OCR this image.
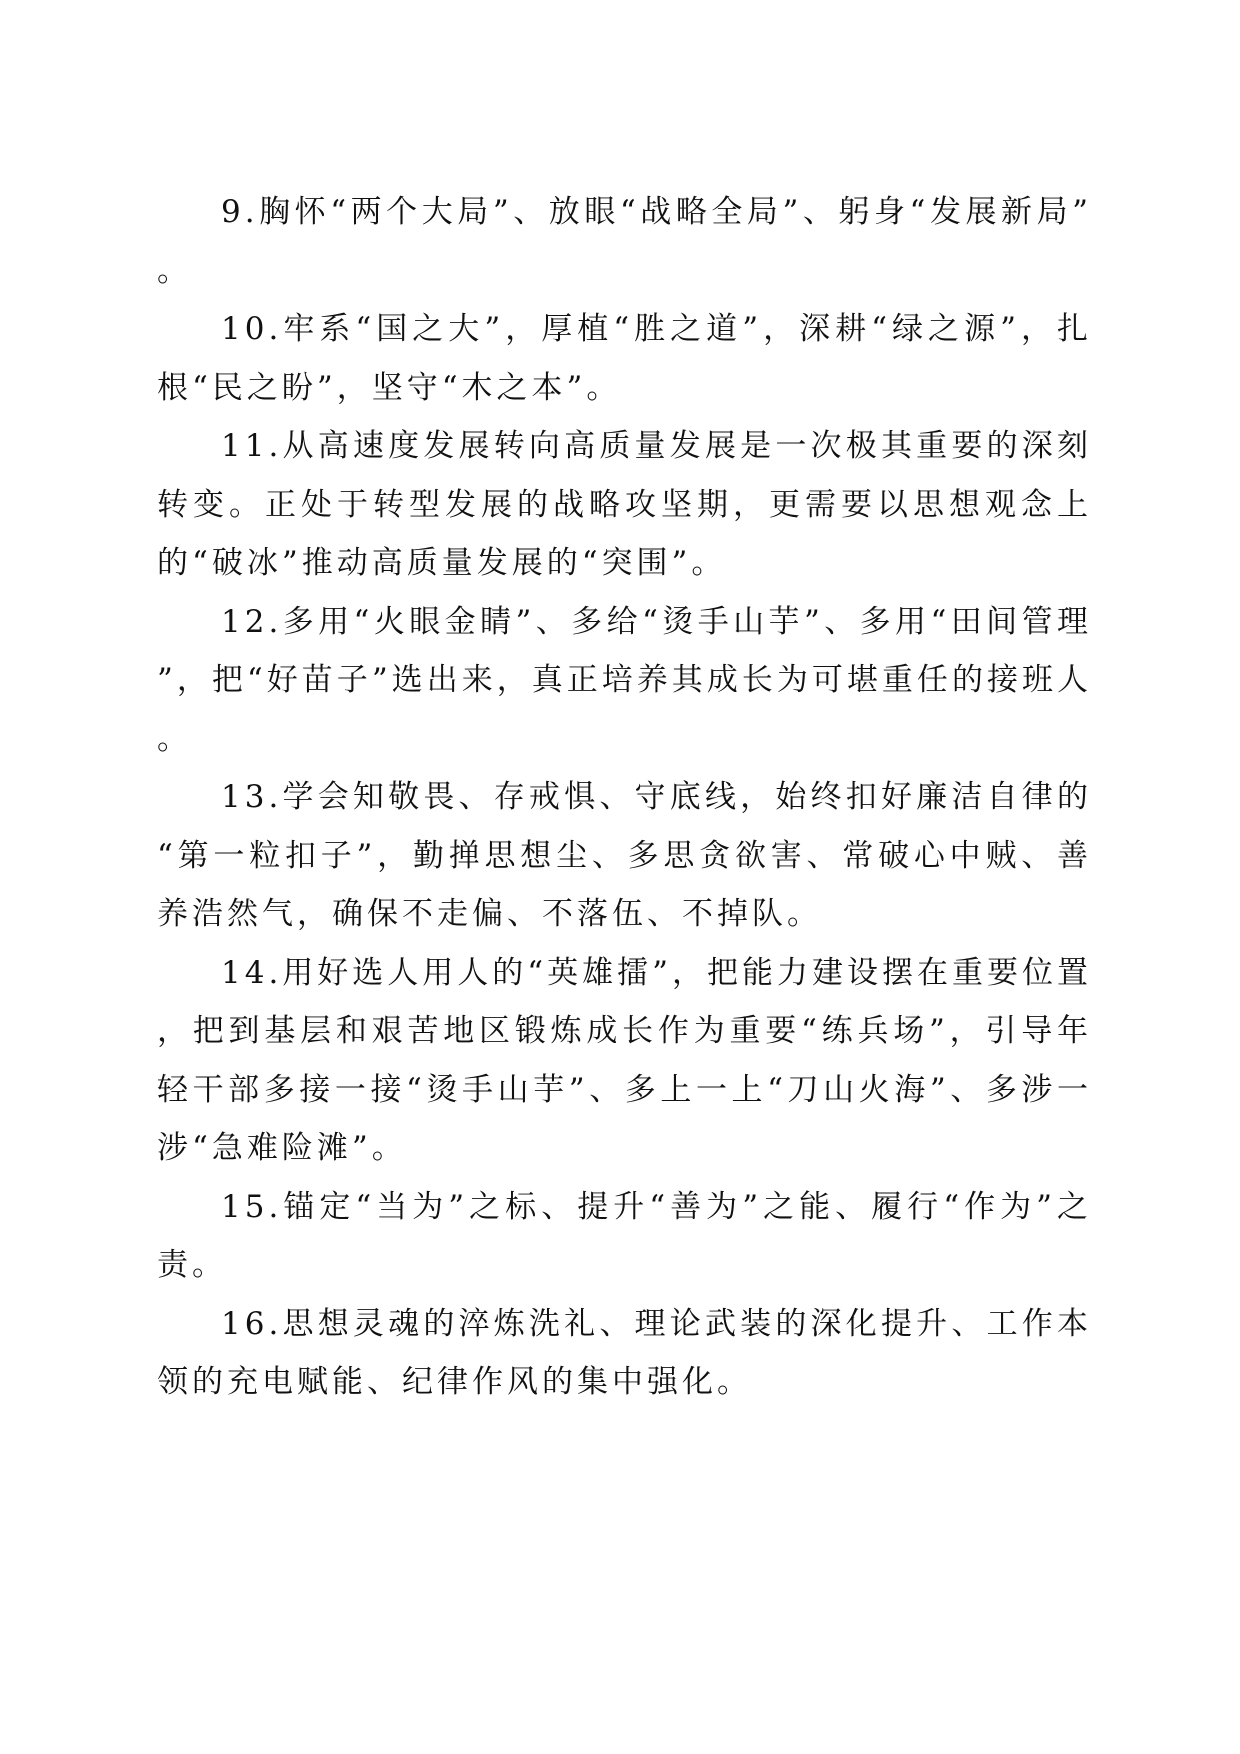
9.胸怀“两个大局”、放眼“战略全局”、躬身“发展新局”。

10.牢系“国之大”，厚植“胜之道”，深耕“绿之源”，扎根“民之盼”，坚守“木之本”。

11.从高速度发展转向高质量发展是一次极其重要的深刻转变。正处于转型发展的战略攻坚期，更需要以思想观念上的“破冰”推动高质量发展的“突围”。

12.多用“火眼金睛”、多给“烫手山芋”、多用“田间管理”，把“好苗子”选出来，真正培养其成长为可堪重任的接班人。

13.学会知敬畏、存戒惧、守底线，始终扣好廉洁自律的“第一粒扣子”，勤掸思想尘、多思贪欲害、常破心中贼、善养浩然气，确保不走偏、不落伍、不掉队。

14.用好选人用人的“英雄擂”，把能力建设摆在重要位置，把到基层和艰苦地区锻炼成长作为重要“练兵场”，引导年轻干部多接一接“烫手山芋”、多上一上“刀山火海”、多涉一涉“急难险滩”。

15.锚定“当为”之标、提升“善为”之能、履行“作为”之责。

16.思想灵魂的淬炼洗礼、理论武装的深化提升、工作本领的充电赋能、纪律作风的集中强化。
